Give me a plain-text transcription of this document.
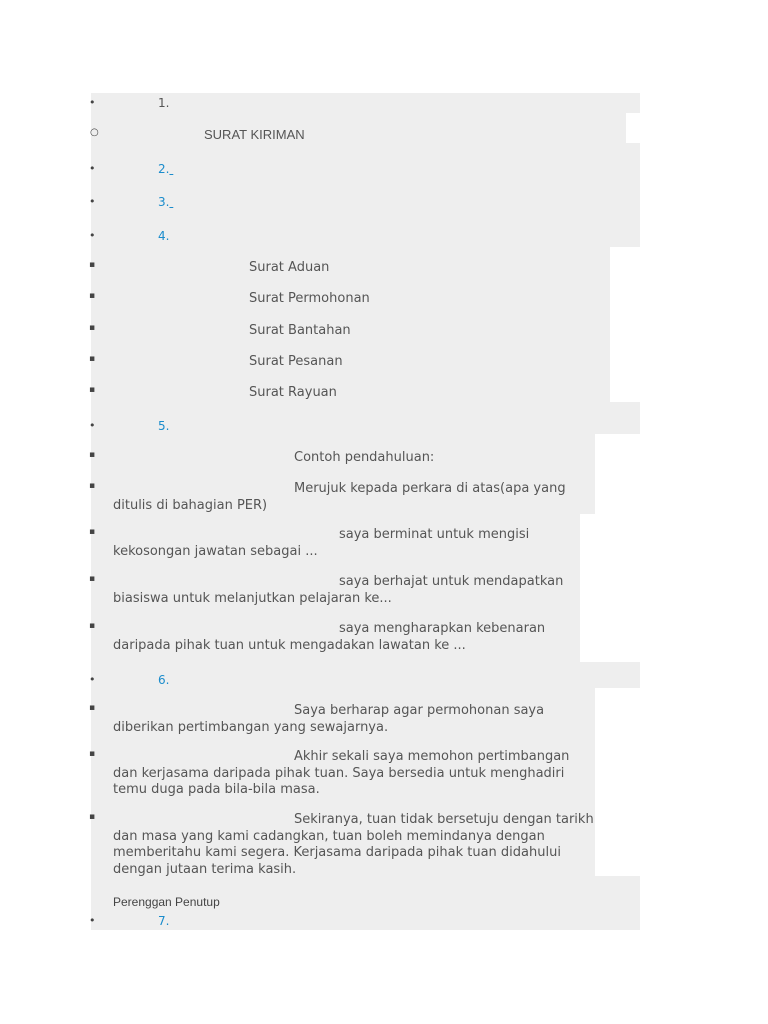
•	1.
○	SURAT KIRIMAN
•	2.
•	3.
•	4.
▪	Surat Aduan
▪	Surat Permohonan
▪	Surat Bantahan
▪	Surat Pesanan
▪	Surat Rayuan
•	5.
▪	Contoh pendahuluan:
▪	Merujuk kepada perkara di atas(apa yang ditulis di bahagian PER)
▪	saya berminat untuk mengisi kekosongan jawatan sebagai ...
▪	saya berhajat untuk mendapatkan biasiswa untuk melanjutkan pelajaran ke...
▪	saya mengharapkan kebenaran daripada pihak tuan untuk mengadakan lawatan ke ...
•	6.
▪	Saya berharap agar permohonan saya diberikan pertimbangan yang sewajarnya.
▪	Akhir sekali saya memohon pertimbangan dan kerjasama daripada pihak tuan. Saya bersedia untuk menghadiri temu duga pada bila-bila masa.
▪	Sekiranya, tuan tidak bersetuju dengan tarikh dan masa yang kami cadangkan, tuan boleh memindanya dengan memberitahu kami segera. Kerjasama daripada pihak tuan didahului dengan jutaan terima kasih.
Perenggan Penutup
•	7.
